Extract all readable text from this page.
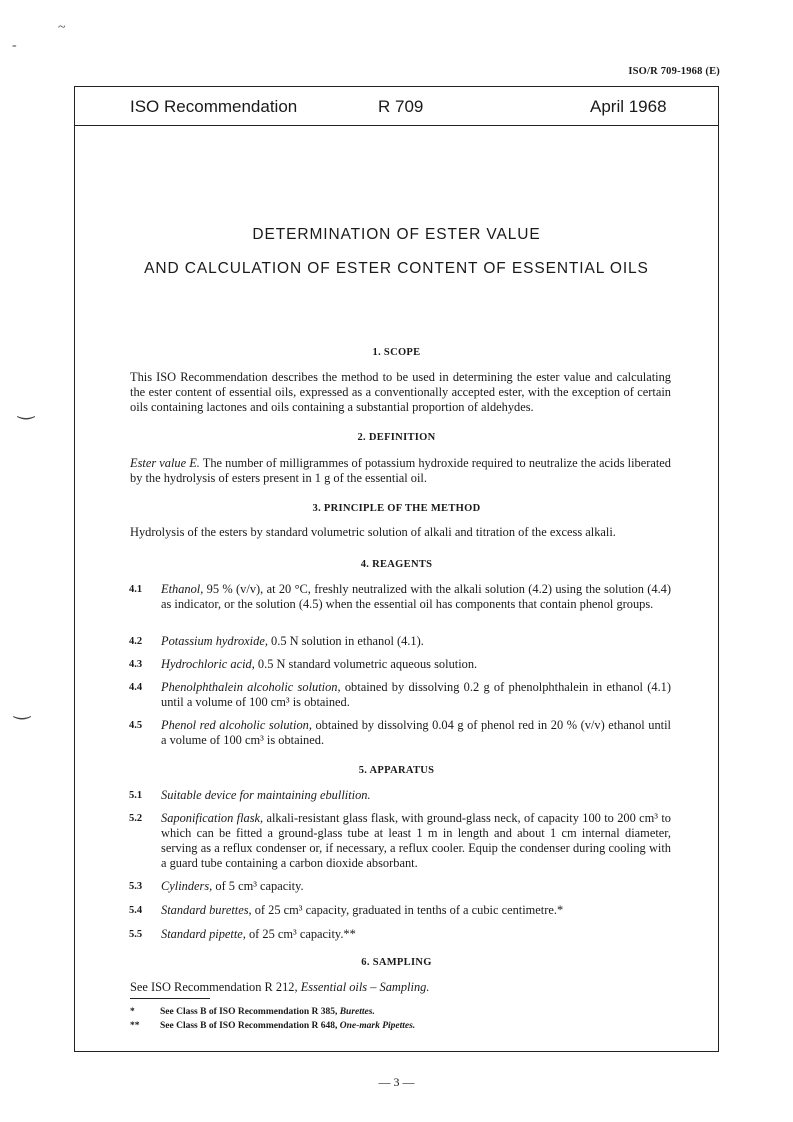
-
~
‿
‿
ISO/R 709-1968 (E)
ISO Recommendation	R 709	April 1968
DETERMINATION OF ESTER VALUE
AND CALCULATION OF ESTER CONTENT OF ESSENTIAL OILS
1. SCOPE
This ISO Recommendation describes the method to be used in determining the ester value and calculating the ester content of essential oils, expressed as a conventionally accepted ester, with the exception of certain oils containing lactones and oils containing a substantial proportion of aldehydes.
2. DEFINITION
Ester value E. The number of milligrammes of potassium hydroxide required to neutralize the acids liberated by the hydrolysis of esters present in 1 g of the essential oil.
3. PRINCIPLE OF THE METHOD
Hydrolysis of the esters by standard volumetric solution of alkali and titration of the excess alkali.
4. REAGENTS
4.1 Ethanol, 95 % (v/v), at 20 °C, freshly neutralized with the alkali solution (4.2) using the solution (4.4) as indicator, or the solution (4.5) when the essential oil has components that contain phenol groups.
4.2 Potassium hydroxide, 0.5 N solution in ethanol (4.1).
4.3 Hydrochloric acid, 0.5 N standard volumetric aqueous solution.
4.4 Phenolphthalein alcoholic solution, obtained by dissolving 0.2 g of phenolphthalein in ethanol (4.1) until a volume of 100 cm³ is obtained.
4.5 Phenol red alcoholic solution, obtained by dissolving 0.04 g of phenol red in 20 % (v/v) ethanol until a volume of 100 cm³ is obtained.
5. APPARATUS
5.1 Suitable device for maintaining ebullition.
5.2 Saponification flask, alkali-resistant glass flask, with ground-glass neck, of capacity 100 to 200 cm³ to which can be fitted a ground-glass tube at least 1 m in length and about 1 cm internal diameter, serving as a reflux condenser or, if necessary, a reflux cooler. Equip the condenser during cooling with a guard tube containing a carbon dioxide absorbant.
5.3 Cylinders, of 5 cm³ capacity.
5.4 Standard burettes, of 25 cm³ capacity, graduated in tenths of a cubic centimetre.*
5.5 Standard pipette, of 25 cm³ capacity.**
6. SAMPLING
See ISO Recommendation R 212, Essential oils – Sampling.
*	See Class B of ISO Recommendation R 385, Burettes.
** See Class B of ISO Recommendation R 648, One-mark Pipettes.
— 3 —
